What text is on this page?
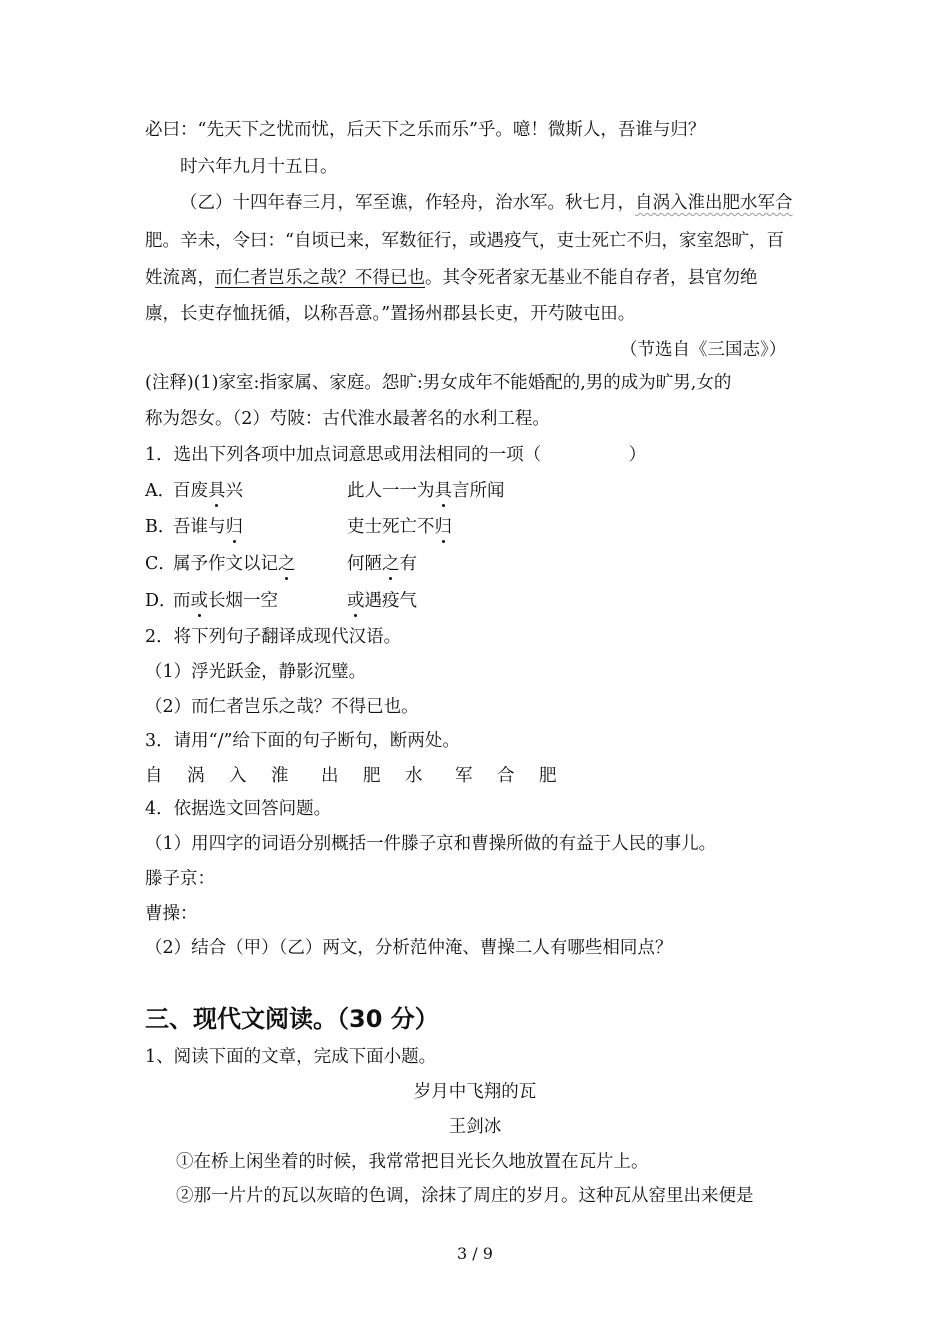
必曰：“先天下之忧而忧，后天下之乐而乐”乎。噫！微斯人，吾谁与归？
时六年九月十五日。
（乙）十四年春三月，军至谯，作轻舟，治水军。秋七月，自涡入淮出肥水军合
肥。辛未，令曰：“自顷已来，军数征行，或遇疫气，吏士死亡不归，家室怨旷，百
姓流离，而仁者岂乐之哉？不得已也。其令死者家无基业不能自存者，县官勿绝
廪，长吏存恤抚循，以称吾意。”置扬州郡县长吏，开芍陂屯田。
（节选自《三国志》）
(注释)(1)家室:指家属、家庭。怨旷:男女成年不能婚配的,男的成为旷男,女的
称为怨女。（2）芍陂：古代淮水最著名的水利工程。
1．选出下列各项中加点词意思或用法相同的一项（　　　　　）
A．百废具兴	此人一一为具言所闻
B．吾谁与归	吏士死亡不归
C．属予作文以记之	何陋之有
D．而或长烟一空	或遇疫气
2．将下列句子翻译成现代汉语。
（1）浮光跃金，静影沉璧。
（2）而仁者岂乐之哉？不得已也。
3．请用“/”给下面的句子断句，断两处。
自 涡 入 淮 出 肥 水 军 合 肥
4．依据选文回答问题。
（1）用四字的词语分别概括一件滕子京和曹操所做的有益于人民的事儿。
滕子京：
曹操：
（2）结合（甲）（乙）两文，分析范仲淹、曹操二人有哪些相同点？
三、现代文阅读。（30 分）
1、阅读下面的文章，完成下面小题。
岁月中飞翔的瓦
王剑冰
①在桥上闲坐着的时候，我常常把目光长久地放置在瓦片上。
②那一片片的瓦以灰暗的色调，涂抹了周庄的岁月。这种瓦从窑里出来便是
3 / 9
